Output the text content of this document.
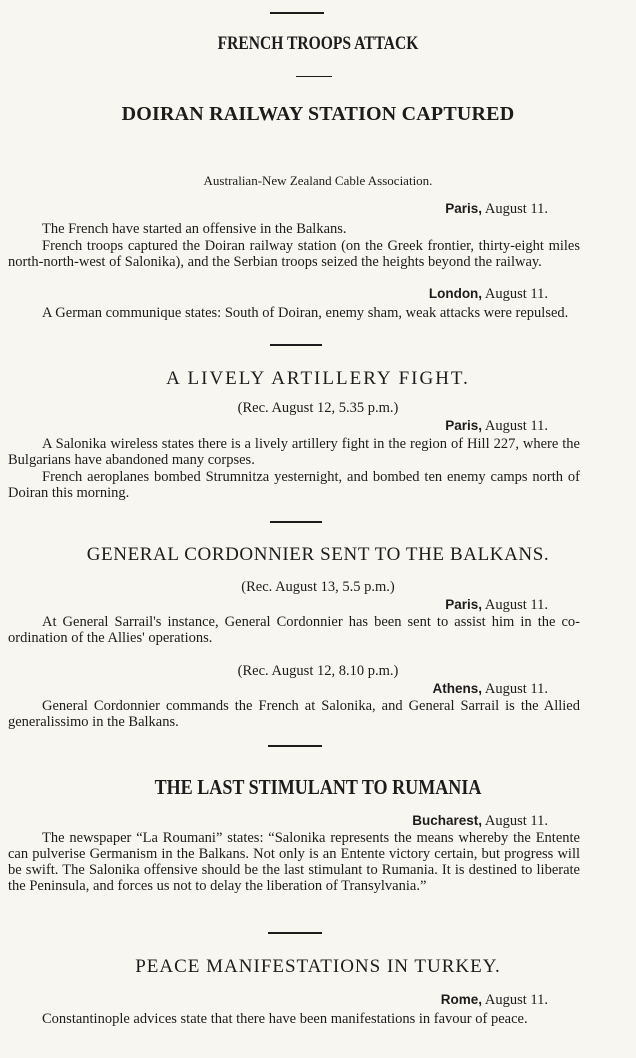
FRENCH TROOPS ATTACK
DOIRAN RAILWAY STATION CAPTURED
Australian-New Zealand Cable Association.
Paris, August 11.
The French have started an offensive in the Balkans.
French troops captured the Doiran railway station (on the Greek frontier, thirty-eight miles north-north-west of Salonika), and the Serbian troops seized the heights beyond the railway.
London, August 11.
A German communique states: South of Doiran, enemy sham, weak attacks were repulsed.
A LIVELY ARTILLERY FIGHT.
(Rec. August 12, 5.35 p.m.)
Paris, August 11.
A Salonika wireless states there is a lively artillery fight in the region of Hill 227, where the Bulgarians have abandoned many corpses.
French aeroplanes bombed Strumnitza yesternight, and bombed ten enemy camps north of Doiran this morning.
GENERAL CORDONNIER SENT TO THE BALKANS.
(Rec. August 13, 5.5 p.m.)
Paris, August 11.
At General Sarrail's instance, General Cordonnier has been sent to assist him in the co-ordination of the Allies' operations.
(Rec. August 12, 8.10 p.m.)
Athens, August 11.
General Cordonnier commands the French at Salonika, and General Sarrail is the Allied generalissimo in the Balkans.
THE LAST STIMULANT TO RUMANIA
Bucharest, August 11.
The newspaper “La Roumani” states: “Salonika represents the means whereby the Entente can pulverise Germanism in the Balkans. Not only is an Entente victory certain, but progress will be swift. The Salonika offensive should be the last stimulant to Rumania. It is destined to liberate the Peninsula, and forces us not to delay the liberation of Transylvania.”
PEACE MANIFESTATIONS IN TURKEY.
Rome, August 11.
Constantinople advices state that there have been manifestations in favour of peace.
